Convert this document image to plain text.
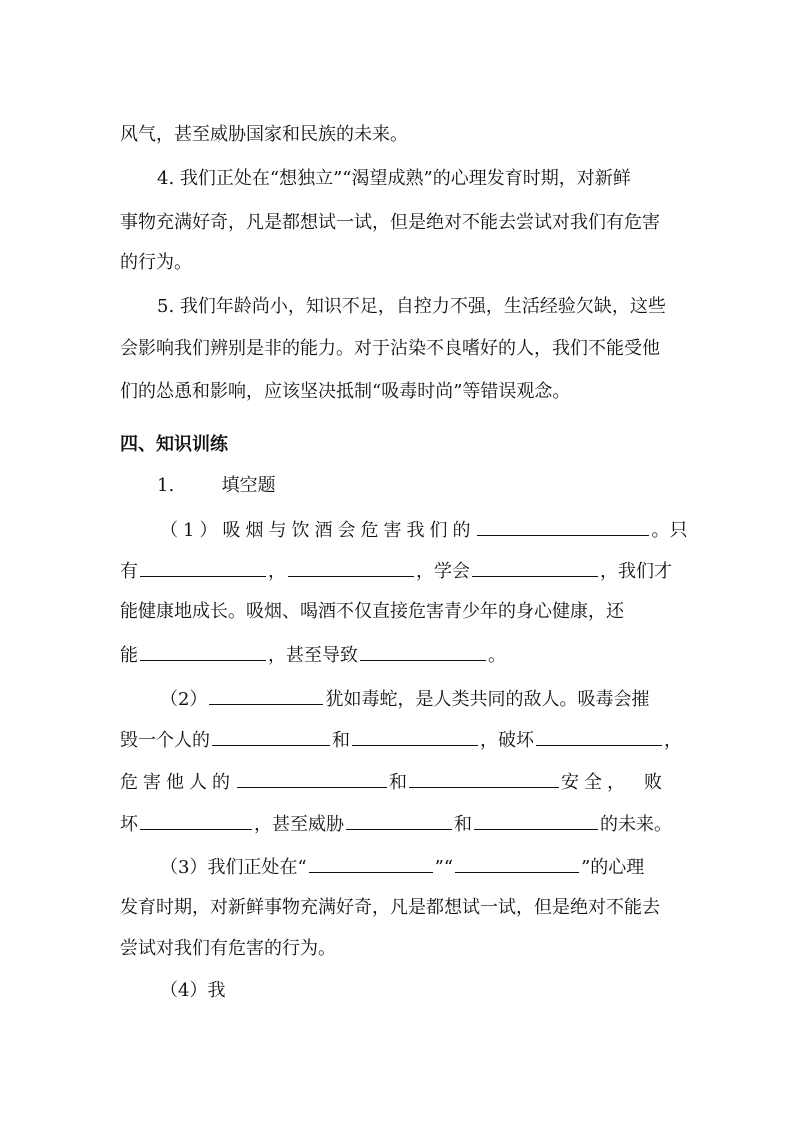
风气，甚至威胁国家和民族的未来。
4. 我们正处在“想独立”“渴望成熟”的心理发育时期，对新鲜
事物充满好奇，凡是都想试一试，但是绝对不能去尝试对我们有危害
的行为。
5. 我们年龄尚小，知识不足，自控力不强，生活经验欠缺，这些
会影响我们辨别是非的能力。对于沾染不良嗜好的人，我们不能受他
们的怂恿和影响，应该坚决抵制“吸毒时尚”等错误观念。
四、知识训练
1.	填空题
（1）吸烟与饮酒会危害我们的	。只
有	，	，学会	，我们才
能健康地成长。吸烟、喝酒不仅直接危害青少年的身心健康，还
能	，甚至导致	。
（2）	犹如毒蛇，是人类共同的敌人。吸毒会摧
毁一个人的	和	，破坏	，
危害他人的	和	安全， 败
坏	，甚至威胁	和	的未来。
（3）我们正处在“	”“	”的心理
发育时期，对新鲜事物充满好奇，凡是都想试一试，但是绝对不能去
尝试对我们有危害的行为。
（4）我
